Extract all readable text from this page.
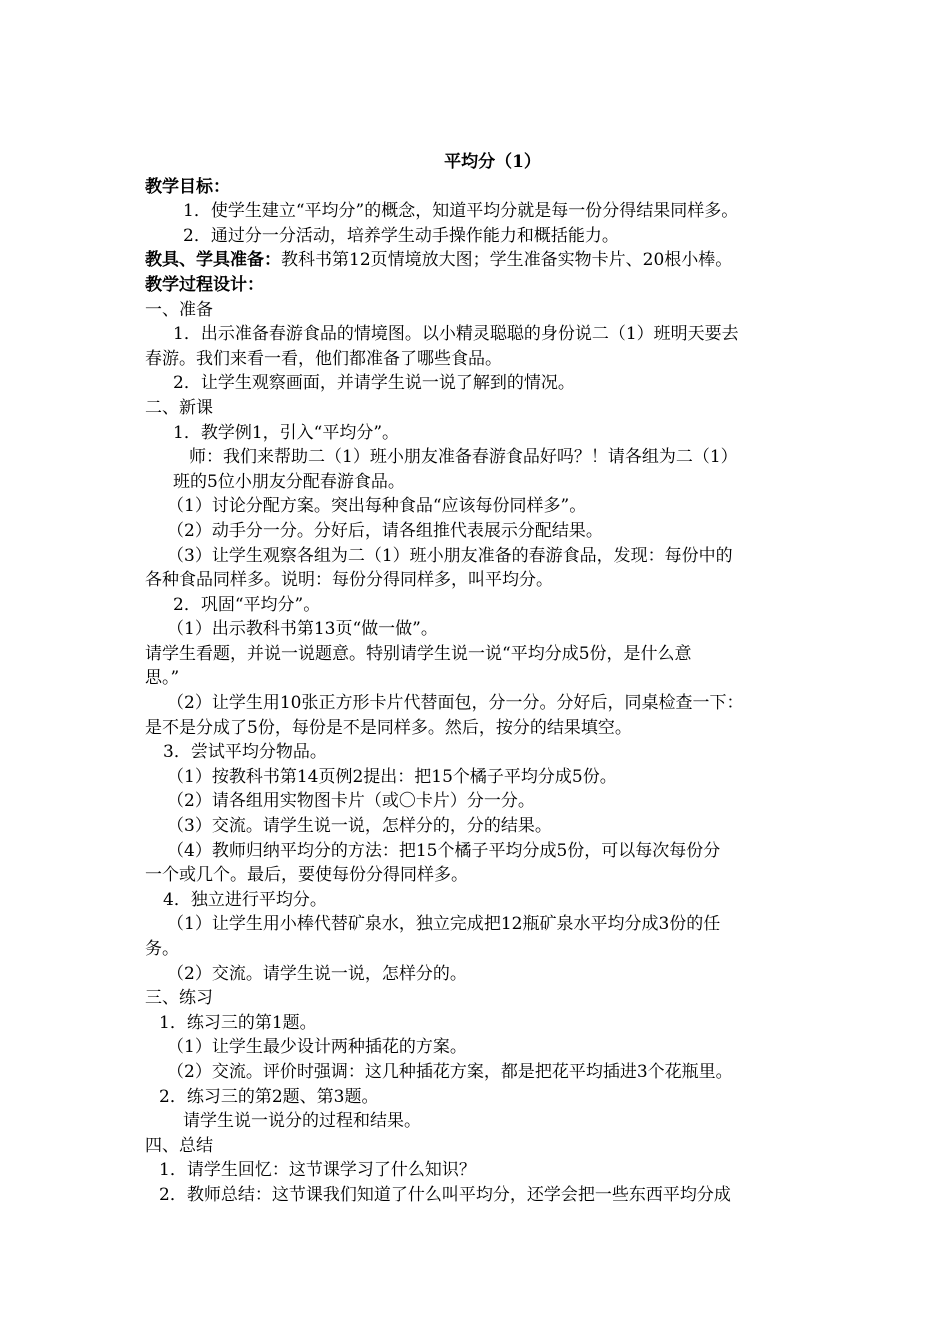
平均分（1）
教学目标：
1．使学生建立“平均分”的概念，知道平均分就是每一份分得结果同样多。
2．通过分一分活动，培养学生动手操作能力和概括能力。
教具、学具准备：教科书第12页情境放大图；学生准备实物卡片、20根小棒。
教学过程设计：
一、准备
1．出示准备春游食品的情境图。以小精灵聪聪的身份说二（1）班明天要去
春游。我们来看一看，他们都准备了哪些食品。
2．让学生观察画面，并请学生说一说了解到的情况。
二、新课
1．教学例1，引入“平均分”。
师：我们来帮助二（1）班小朋友准备春游食品好吗？！请各组为二（1）
班的5位小朋友分配春游食品。
（1）讨论分配方案。突出每种食品“应该每份同样多”。
（2）动手分一分。分好后，请各组推代表展示分配结果。
（3）让学生观察各组为二（1）班小朋友准备的春游食品，发现：每份中的
各种食品同样多。说明：每份分得同样多，叫平均分。
2．巩固“平均分”。
（1）出示教科书第13页“做一做”。
请学生看题，并说一说题意。特别请学生说一说“平均分成5份，是什么意
思。”
（2）让学生用10张正方形卡片代替面包，分一分。分好后，同桌检查一下：
是不是分成了5份，每份是不是同样多。然后，按分的结果填空。
3．尝试平均分物品。
（1）按教科书第14页例2提出：把15个橘子平均分成5份。
（2）请各组用实物图卡片（或〇卡片）分一分。
（3）交流。请学生说一说，怎样分的，分的结果。
（4）教师归纳平均分的方法：把15个橘子平均分成5份，可以每次每份分
一个或几个。最后，要使每份分得同样多。
4．独立进行平均分。
（1）让学生用小棒代替矿泉水，独立完成把12瓶矿泉水平均分成3份的任
务。
（2）交流。请学生说一说，怎样分的。
三、练习
1．练习三的第1题。
（1）让学生最少设计两种插花的方案。
（2）交流。评价时强调：这几种插花方案，都是把花平均插进3个花瓶里。
2．练习三的第2题、第3题。
请学生说一说分的过程和结果。
四、总结
1．请学生回忆：这节课学习了什么知识？
2．教师总结：这节课我们知道了什么叫平均分，还学会把一些东西平均分成
